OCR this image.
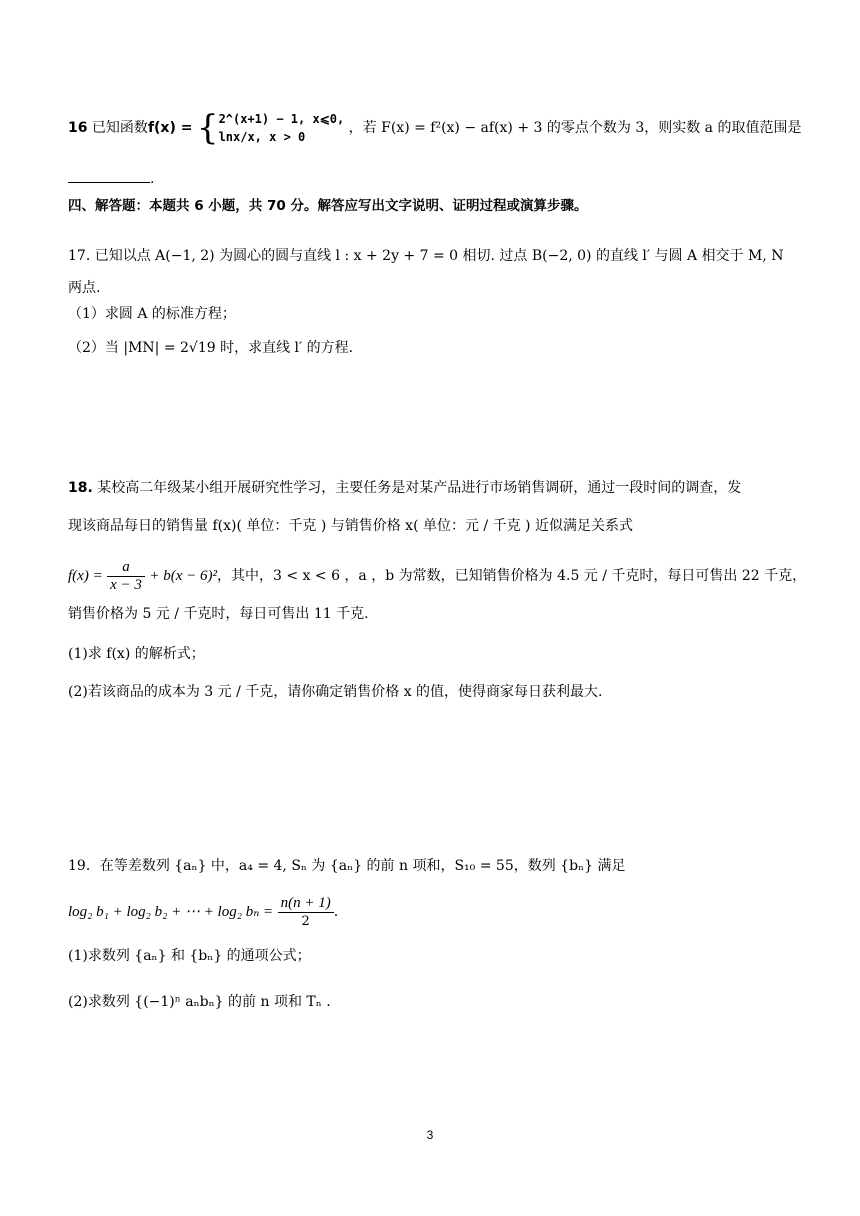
16 已知函数f(x) = { 2^(x+1) − 1, x⩽0,
lnx/x, x > 0
，若 F(x) = f²(x) − af(x) + 3 的零点个数为 3，则实数 a 的取值范围是
.
四、解答题：本题共 6 小题，共 70 分。解答应写出文字说明、证明过程或演算步骤。
17. 已知以点 A(−1, 2) 为圆心的圆与直线 l : x + 2y + 7 = 0 相切. 过点 B(−2, 0) 的直线 l′ 与圆 A 相交于 M, N
两点.
（1）求圆 A 的标准方程；
（2）当 |MN| = 2√19 时，求直线 l′ 的方程.
18. 某校高二年级某小组开展研究性学习，主要任务是对某产品进行市场销售调研，通过一段时间的调查，发
现该商品每日的销售量 f(x)( 单位：千克 ) 与销售价格 x( 单位：元 / 千克 ) 近似满足关系式
$f(x) = \frac{a}{x - 3} + b(x - 6)^2$，其中，3 < x < 6 ，a ，b 为常数，已知销售价格为 4.5 元 / 千克时，每日可售出 22 千克，
销售价格为 5 元 / 千克时，每日可售出 11 千克.
(1)求 f(x) 的解析式；
(2)若该商品的成本为 3 元 / 千克，请你确定销售价格 x 的值，使得商家每日获利最大.
19．在等差数列 {aₙ} 中，a₄ = 4, Sₙ 为 {aₙ} 的前 n 项和，S₁₀ = 55，数列 {bₙ} 满足
log₂ b₁ + log₂ b₂ + ⋯ + log₂ $b_n = \frac{n(n + 1)}{2}$ .
(1)求数列 {aₙ} 和 {bₙ} 的通项公式；
(2)求数列 {(−1)ⁿ aₙbₙ} 的前 n 项和 Tₙ .
3
